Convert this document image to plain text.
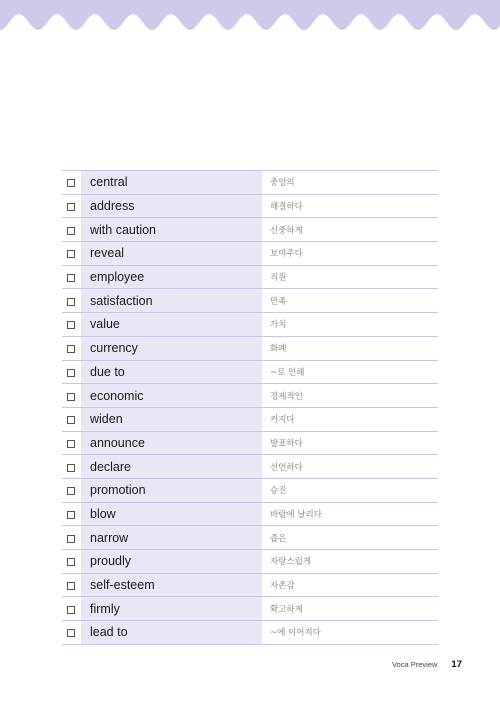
	central	중앙의
	address	해결하다
	with caution	신중하게
	reveal	보여주다
	employee	직원
	satisfaction	만족
	value	가치
	currency	화폐
	due to	~로 인해
	economic	경제적인
	widen	커지다
	announce	발표하다
	declare	선언하다
	promotion	승진
	blow	바람에 날리다
	narrow	좁은
	proudly	자랑스럽게
	self-esteem	자존감
	firmly	확고하게
	lead to	~에 이어지다
Voca Preview 17
